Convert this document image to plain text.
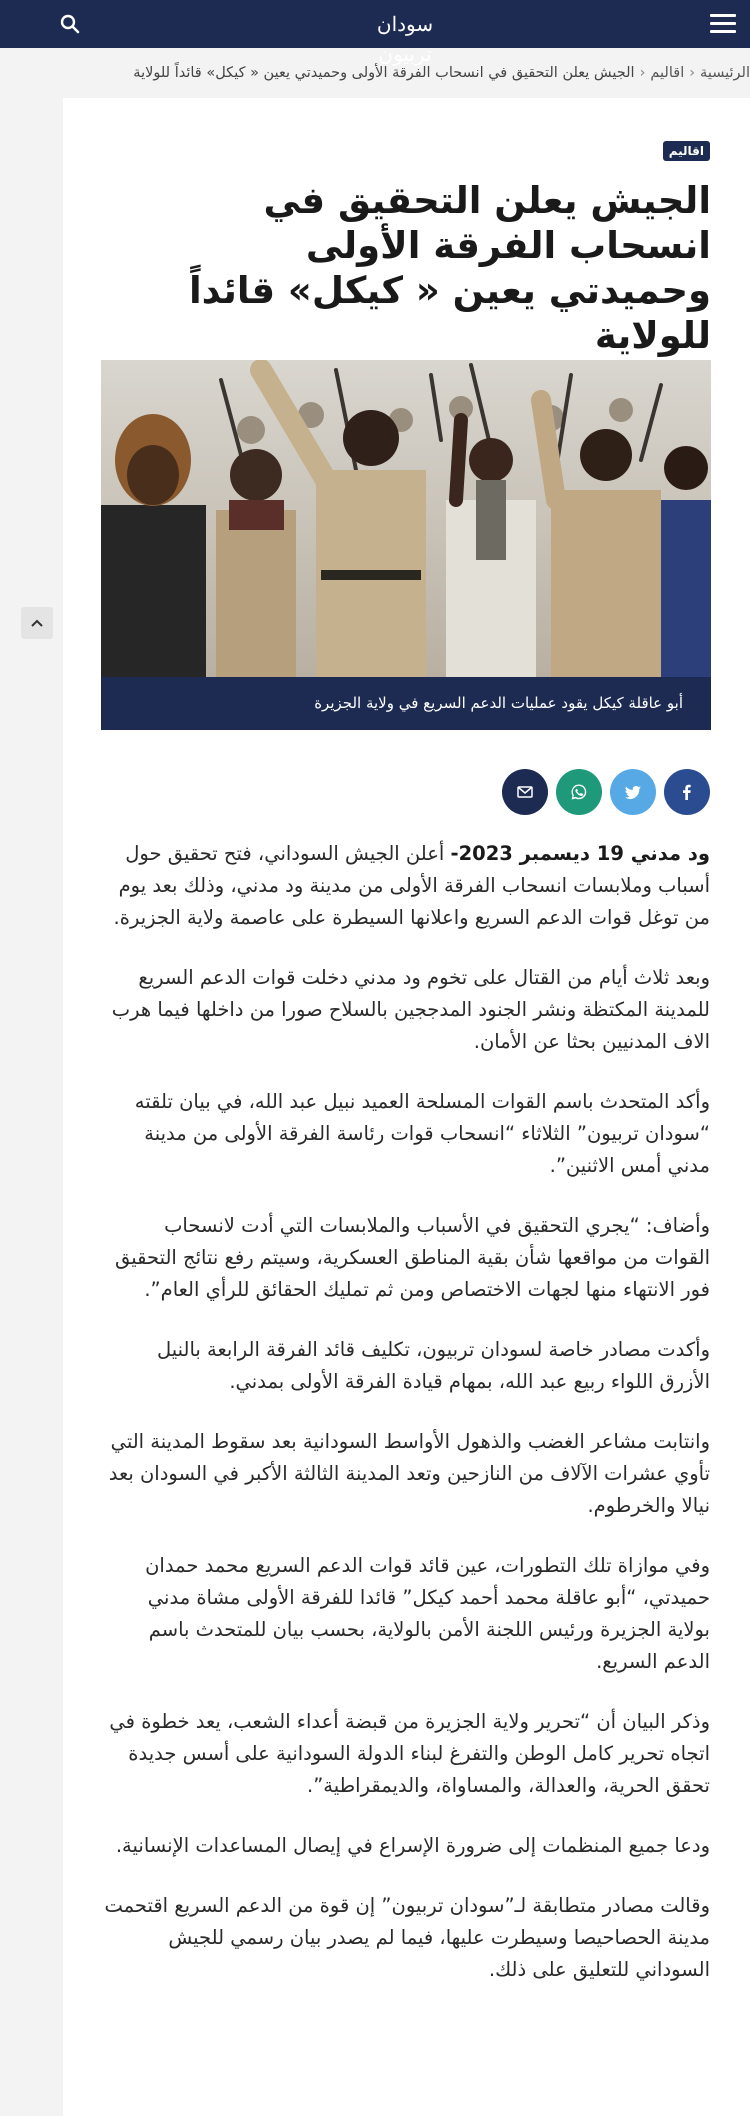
سودان تربيون
الرئيسية‹اقاليم‹الجيش يعلن التحقيق في انسحاب الفرقة الأولى وحميدتي يعين « كيكل» قائداً للولاية
اقاليم
الجيش يعلن التحقيق في انسحاب الفرقة الأولى وحميدتي يعين « كيكل» قائداً للولاية
أبو عاقلة كيكل يقود عمليات الدعم السريع في ولاية الجزيرة

ود مدني 19 ديسمبر 2023- أعلن الجيش السوداني، فتح تحقيق حول أسباب وملابسات انسحاب الفرقة الأولى من مدينة ود مدني، وذلك بعد يوم من توغل قوات الدعم السريع واعلانها السيطرة على عاصمة ولاية الجزيرة.

وبعد ثلاث أيام من القتال على تخوم ود مدني دخلت قوات الدعم السريع للمدينة المكتظة ونشر الجنود المدججين بالسلاح صورا من داخلها فيما هرب الاف المدنيين بحثا عن الأمان.

وأكد المتحدث باسم القوات المسلحة العميد نبيل عبد الله، في بيان تلقته “سودان تربيون” الثلاثاء “انسحاب قوات رئاسة الفرقة الأولى من مدينة مدني أمس الاثنين”.

وأضاف: “يجري التحقيق في الأسباب والملابسات التي أدت لانسحاب القوات من مواقعها شأن بقية المناطق العسكرية، وسيتم رفع نتائج التحقيق فور الانتهاء منها لجهات الاختصاص ومن ثم تمليك الحقائق للرأي العام”.

وأكدت مصادر خاصة لسودان تربيون، تكليف قائد الفرقة الرابعة بالنيل الأزرق اللواء ربيع عبد الله، بمهام قيادة الفرقة الأولى بمدني.

وانتابت مشاعر الغضب والذهول الأواسط السودانية بعد سقوط المدينة التي تأوي عشرات الآلاف من النازحين وتعد المدينة الثالثة الأكبر في السودان بعد نيالا والخرطوم.

وفي موازاة تلك التطورات، عين قائد قوات الدعم السريع محمد حمدان حميدتي، “أبو عاقلة محمد أحمد كيكل” قائدا للفرقة الأولى مشاة مدني بولاية الجزيرة ورئيس اللجنة الأمن بالولاية، بحسب بيان للمتحدث باسم الدعم السريع.

وذكر البيان أن “تحرير ولاية الجزيرة من قبضة أعداء الشعب، يعد خطوة في اتجاه تحرير كامل الوطن والتفرغ لبناء الدولة السودانية على أسس جديدة تحقق الحرية، والعدالة، والمساواة، والديمقراطية”.

ودعا جميع المنظمات إلى ضرورة الإسراع في إيصال المساعدات الإنسانية.

وقالت مصادر متطابقة لـ”سودان تربيون” إن قوة من الدعم السريع اقتحمت مدينة الحصاحيصا وسيطرت عليها، فيما لم يصدر بيان رسمي للجيش السوداني للتعليق على ذلك.
